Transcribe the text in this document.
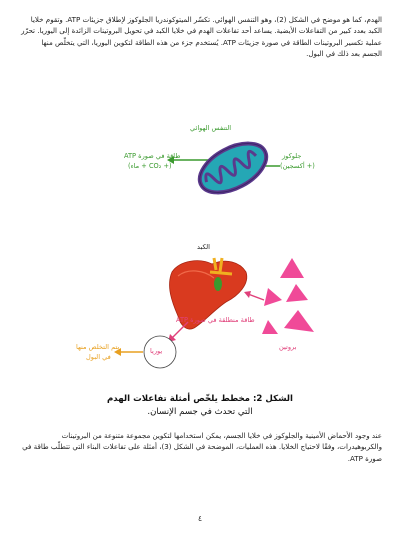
الهدم، كما هو موضح في الشكل (2)، وهو التنفس الهوائي. تكسّر الميتوكوندريا الجلوكوز لإطلاق جزيئات ATP. وتقوم خلايا الكبد بعدد كبير من التفاعلات الأيضية. يساعد أحد تفاعلات الهدم في خلايا الكبد في تحويل البروتينات الزائدة إلى اليوريا. تحرّر عملية تكسير البروتينات الطاقة في صورة جزيئات ATP. يُستخدم جزء من هذه الطاقة لتكوين اليوريا، التي يتخلّص منها الجسم بعد ذلك في البول.
التنفس الهوائي
جلوكوز
(+ أكسجين)
طاقة في صورة ATP
(+ CO₂ + ماء)
الكبد
طاقة منطلقة في صورة ATP
بروتين
يوريا
يتم التخلص منها
في البول
الشكل 2: مخطط يلخّص أمثلة تفاعلات الهدم
التي تحدث في جسم الإنسان.
عند وجود الأحماض الأمينية والجلوكوز في خلايا الجسم، يمكن استخدامها لتكوين مجموعة متنوعة من البروتينات والكربوهيدرات، وفقًا لاحتياج الخلايا. هذه العمليات، الموضحة في الشكل (3)، أمثلة على تفاعلات البناء التي تتطلّب طاقة في صورة ATP.
٤
